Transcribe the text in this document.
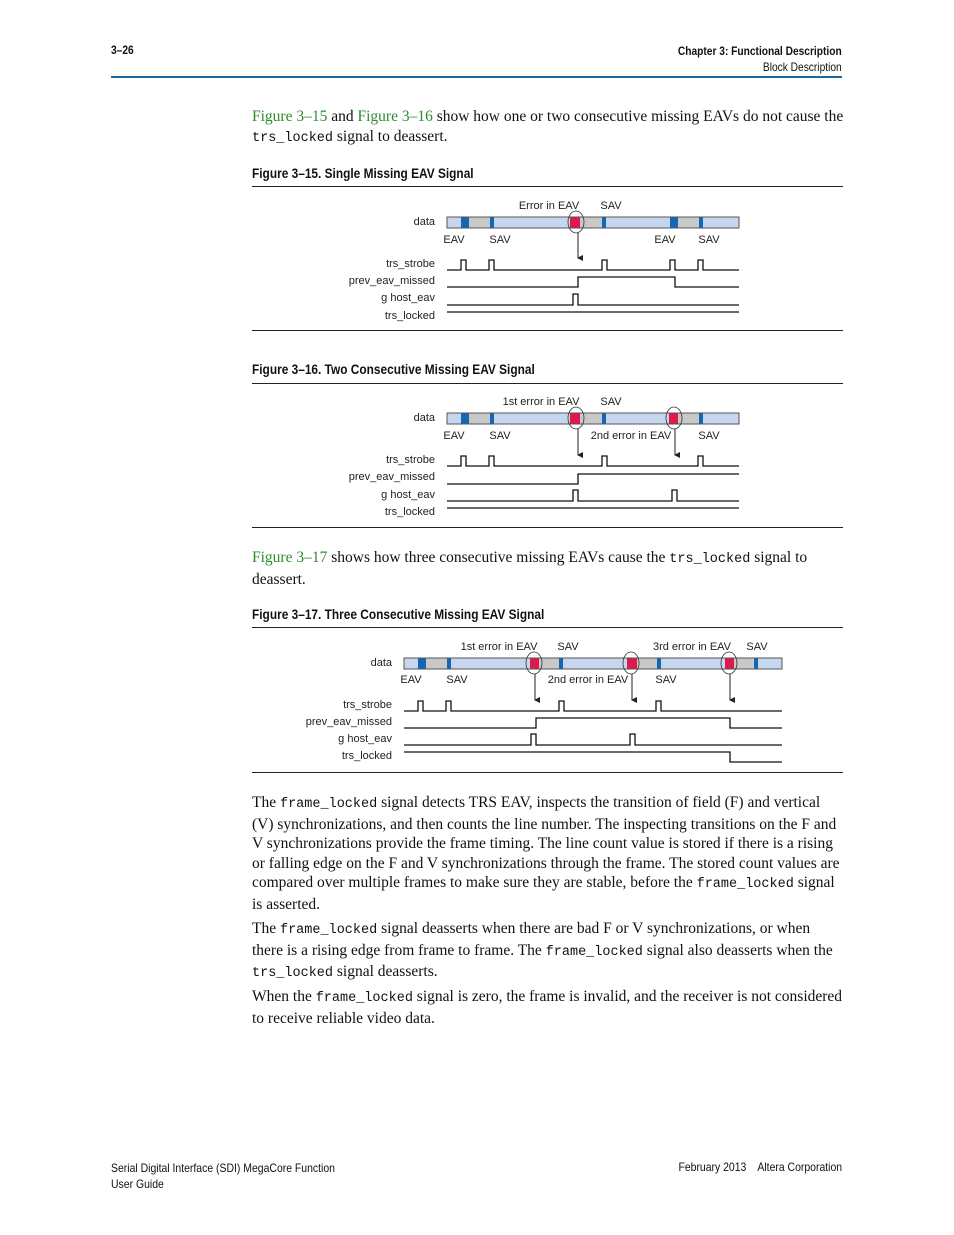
3–26	Chapter 3: Functional Description
Block Description
Figure 3–15 and Figure 3–16 show how one or two consecutive missing EAVs do not cause the trs_locked signal to deassert.
Figure 3–15. Single Missing EAV Signal
Figure 3–16. Two Consecutive Missing EAV Signal
Figure 3–17 shows how three consecutive missing EAVs cause the trs_locked signal to deassert.
Figure 3–17. Three Consecutive Missing EAV Signal
data
trs_strobe
prev_eav_missed
g host_eav
trs_locked
Error in EAV SAV
EAV SAV	EAV SAV
data
trs_strobe
prev_eav_missed
g host_eav
trs_locked
1st error in EAV SAV
EAV SAV	2nd error in EAV SAV
data
trs_strobe
prev_eav_missed
g host_eav
trs_locked
1st error in EAV SAV	3rd error in EAV SAV
EAV SAV	2nd error in EAV SAV
The frame_locked signal detects TRS EAV, inspects the transition of field (F) and vertical (V) synchronizations, and then counts the line number. The inspecting transitions on the F and V synchronizations provide the frame timing. The line count value is stored if there is a rising or falling edge on the F and V synchronizations through the frame. The stored count values are compared over multiple frames to make sure they are stable, before the frame_locked signal is asserted.
The frame_locked signal deasserts when there are bad F or V synchronizations, or when there is a rising edge from frame to frame. The frame_locked signal also deasserts when the trs_locked signal deasserts.
When the frame_locked signal is zero, the frame is invalid, and the receiver is not considered to receive reliable video data.
Serial Digital Interface (SDI) MegaCore Function
User Guide
February 2013    Altera Corporation
